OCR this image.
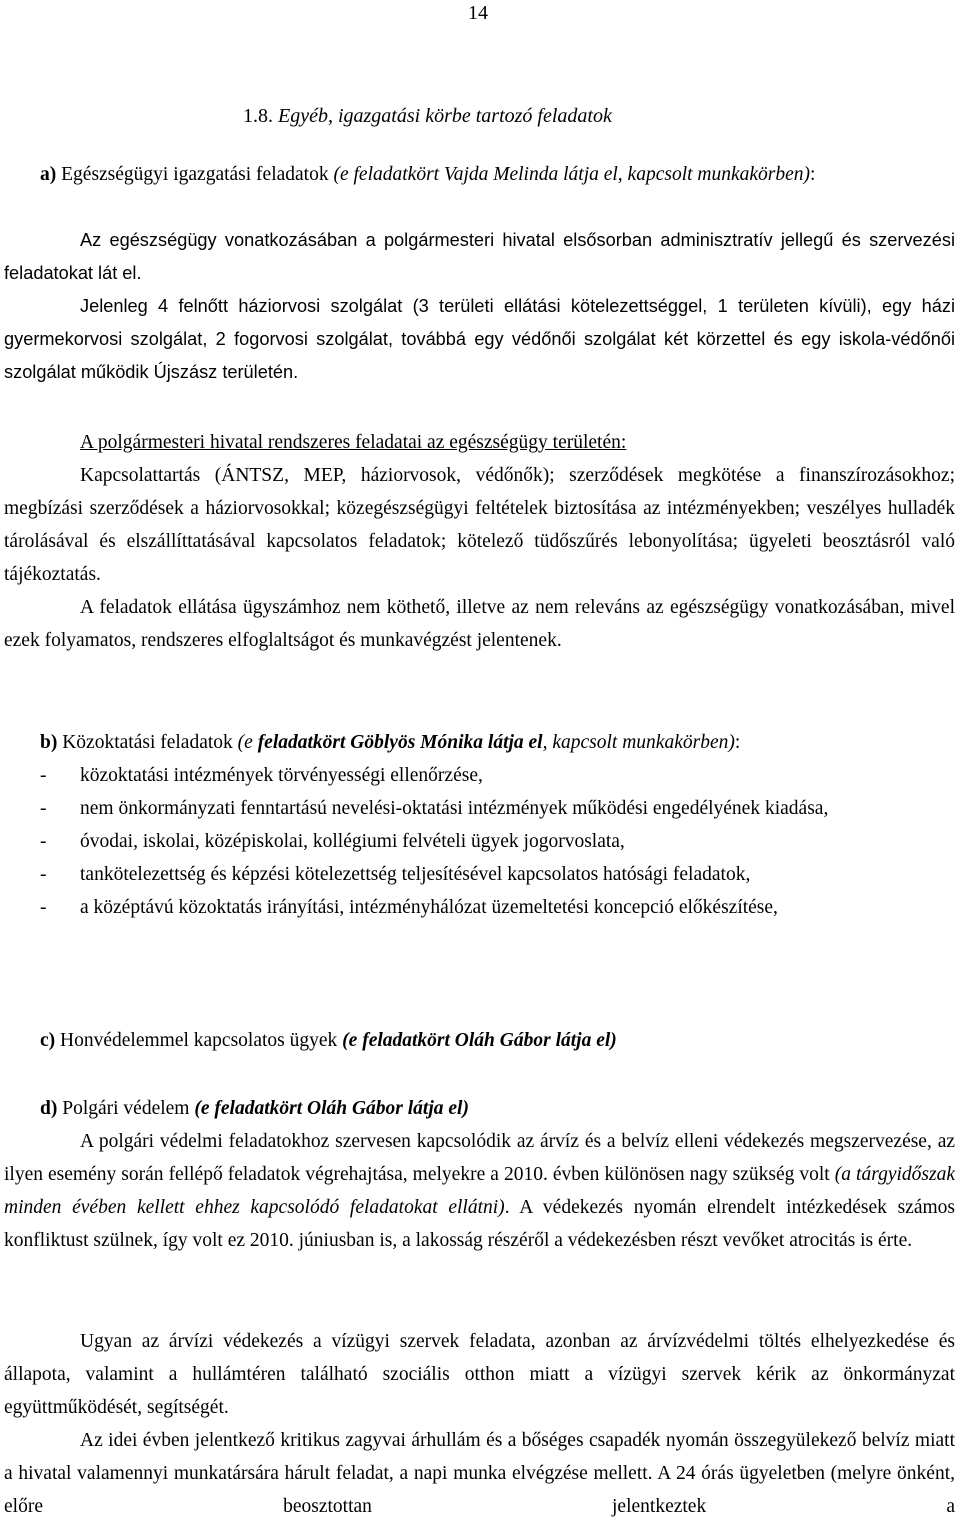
14
1.8. Egyéb, igazgatási körbe tartozó feladatok

a) Egészségügyi igazgatási feladatok (e feladatkört Vajda Melinda látja el, kapcsolt munkakörben):

Az egészségügy vonatkozásában a polgármesteri hivatal elsősorban adminisztratív jellegű és szervezési feladatokat lát el.

Jelenleg 4 felnőtt háziorvosi szolgálat (3 területi ellátási kötelezettséggel, 1 területen kívüli), egy házi gyermekorvosi szolgálat, 2 fogorvosi szolgálat, továbbá egy védőnői szolgálat két körzettel és egy iskola-védőnői szolgálat működik Újszász területén.

A polgármesteri hivatal rendszeres feladatai az egészségügy területén:

Kapcsolattartás (ÁNTSZ, MEP, háziorvosok, védőnők); szerződések megkötése a finanszírozásokhoz; megbízási szerződések a háziorvosokkal; közegészségügyi feltételek biztosítása az intézményekben; veszélyes hulladék tárolásával és elszállíttatásával kapcsolatos feladatok; kötelező tüdőszűrés lebonyolítása; ügyeleti beosztásról való tájékoztatás.

A feladatok ellátása ügyszámhoz nem köthető, illetve az nem releváns az egészségügy vonatkozásában, mivel ezek folyamatos, rendszeres elfoglaltságot és munkavégzést jelentenek.

b) Közoktatási feladatok (e feladatkört Göblyös Mónika látja el, kapcsolt munkakörben):

- közoktatási intézmények törvényességi ellenőrzése,
- nem önkormányzati fenntartású nevelési-oktatási intézmények működési engedélyének kiadása,
- óvodai, iskolai, középiskolai, kollégiumi felvételi ügyek jogorvoslata,
- tankötelezettség és képzési kötelezettség teljesítésével kapcsolatos hatósági feladatok,
- a középtávú közoktatás irányítási, intézményhálózat üzemeltetési koncepció előkészítése,

c) Honvédelemmel kapcsolatos ügyek (e feladatkört Oláh Gábor látja el)

d) Polgári védelem (e feladatkört Oláh Gábor látja el)

A polgári védelmi feladatokhoz szervesen kapcsolódik az árvíz és a belvíz elleni védekezés megszervezése, az ilyen esemény során fellépő feladatok végrehajtása, melyekre a 2010. évben különösen nagy szükség volt (a tárgyidőszak minden évében kellett ehhez kapcsolódó feladatokat ellátni). A védekezés nyomán elrendelt intézkedések számos konfliktust szülnek, így volt ez 2010. júniusban is, a lakosság részéről a védekezésben részt vevőket atrocitás is érte.

Ugyan az árvízi védekezés a vízügyi szervek feladata, azonban az árvízvédelmi töltés elhelyezkedése és állapota, valamint a hullámtéren található szociális otthon miatt a vízügyi szervek kérik az önkormányzat együttműködését, segítségét.

Az idei évben jelentkező kritikus zagyvai árhullám és a bőséges csapadék nyomán összegyülekező belvíz miatt a hivatal valamennyi munkatársára hárult feladat, a napi munka elvégzése mellett. A 24 órás ügyeletben (melyre önként, előre beosztottan jelentkeztek a
